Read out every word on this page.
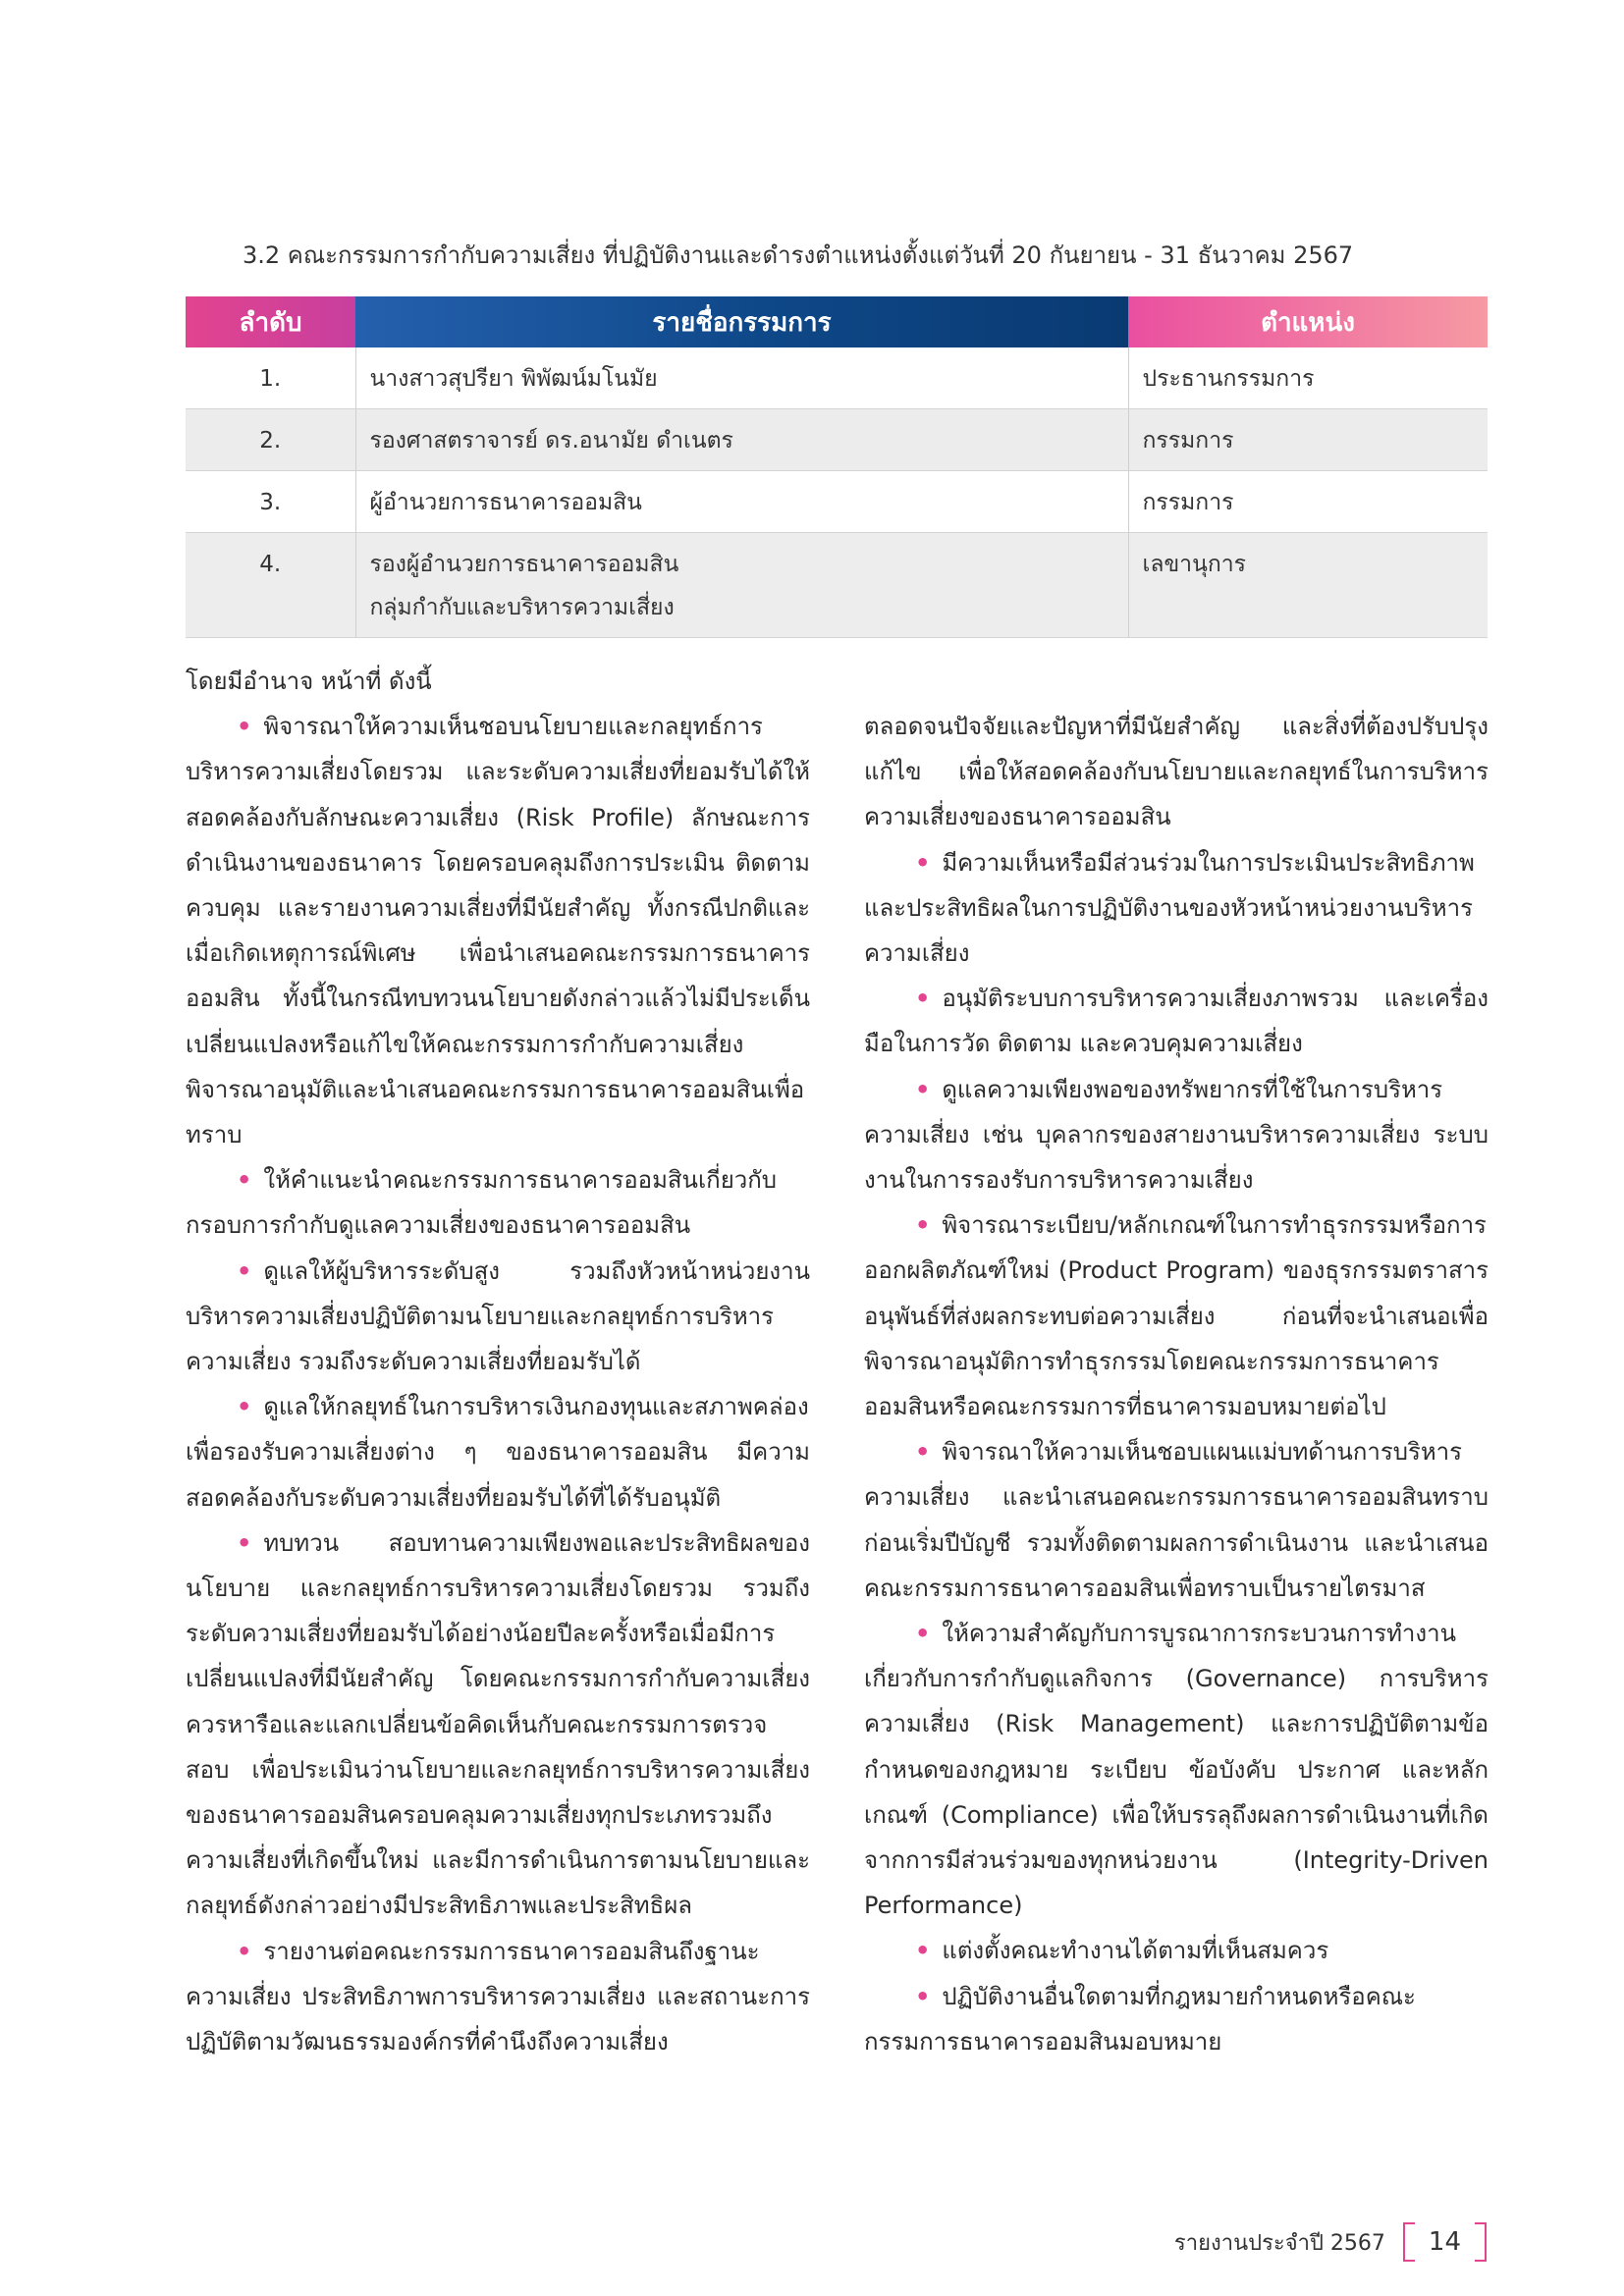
3.2 คณะกรรมการกำกับความเสี่ยง ที่ปฏิบัติงานและดำรงตำแหน่งตั้งแต่วันที่ 20 กันยายน - 31 ธันวาคม 2567
ลำดับ	รายชื่อกรรมการ	ตำแหน่ง
1.	นางสาวสุปรียา พิพัฒน์มโนมัย	ประธานกรรมการ
2.	รองศาสตราจารย์ ดร.อนามัย ดำเนตร	กรรมการ
3.	ผู้อำนวยการธนาคารออมสิน	กรรมการ
4.	รองผู้อำนวยการธนาคารออมสิน
กลุ่มกำกับและบริหารความเสี่ยง	เลขานุการ

โดยมีอำนาจ หน้าที่ ดังนี้

• พิจารณาให้ความเห็นชอบนโยบายและกลยุทธ์การบริหารความเสี่ยงโดยรวม และระดับความเสี่ยงที่ยอมรับได้ให้สอดคล้องกับลักษณะความเสี่ยง (Risk Profile) ลักษณะการดำเนินงานของธนาคาร โดยครอบคลุมถึงการประเมิน ติดตาม ควบคุม และรายงานความเสี่ยงที่มีนัยสำคัญ ทั้งกรณีปกติและเมื่อเกิดเหตุการณ์พิเศษ เพื่อนำเสนอคณะกรรมการธนาคารออมสิน ทั้งนี้ในกรณีทบทวนนโยบายดังกล่าวแล้วไม่มีประเด็นเปลี่ยนแปลงหรือแก้ไขให้คณะกรรมการกำกับความเสี่ยงพิจารณาอนุมัติและนำเสนอคณะกรรมการธนาคารออมสินเพื่อทราบ

• ให้คำแนะนำคณะกรรมการธนาคารออมสินเกี่ยวกับกรอบการกำกับดูแลความเสี่ยงของธนาคารออมสิน

• ดูแลให้ผู้บริหารระดับสูง รวมถึงหัวหน้าหน่วยงานบริหารความเสี่ยงปฏิบัติตามนโยบายและกลยุทธ์การบริหารความเสี่ยง รวมถึงระดับความเสี่ยงที่ยอมรับได้

• ดูแลให้กลยุทธ์ในการบริหารเงินกองทุนและสภาพคล่องเพื่อรองรับความเสี่ยงต่าง ๆ ของธนาคารออมสิน มีความสอดคล้องกับระดับความเสี่ยงที่ยอมรับได้ที่ได้รับอนุมัติ

• ทบทวน สอบทานความเพียงพอและประสิทธิผลของนโยบาย และกลยุทธ์การบริหารความเสี่ยงโดยรวม รวมถึงระดับความเสี่ยงที่ยอมรับได้อย่างน้อยปีละครั้งหรือเมื่อมีการเปลี่ยนแปลงที่มีนัยสำคัญ โดยคณะกรรมการกำกับความเสี่ยงควรหารือและแลกเปลี่ยนข้อคิดเห็นกับคณะกรรมการตรวจสอบ เพื่อประเมินว่านโยบายและกลยุทธ์การบริหารความเสี่ยงของธนาคารออมสินครอบคลุมความเสี่ยงทุกประเภทรวมถึงความเสี่ยงที่เกิดขึ้นใหม่ และมีการดำเนินการตามนโยบายและกลยุทธ์ดังกล่าวอย่างมีประสิทธิภาพและประสิทธิผล

• รายงานต่อคณะกรรมการธนาคารออมสินถึงฐานะความเสี่ยง ประสิทธิภาพการบริหารความเสี่ยง และสถานะการปฏิบัติตามวัฒนธรรมองค์กรที่คำนึงถึงความเสี่ยง

ตลอดจนปัจจัยและปัญหาที่มีนัยสำคัญ และสิ่งที่ต้องปรับปรุงแก้ไข เพื่อให้สอดคล้องกับนโยบายและกลยุทธ์ในการบริหารความเสี่ยงของธนาคารออมสิน

• มีความเห็นหรือมีส่วนร่วมในการประเมินประสิทธิภาพและประสิทธิผลในการปฏิบัติงานของหัวหน้าหน่วยงานบริหารความเสี่ยง

• อนุมัติระบบการบริหารความเสี่ยงภาพรวม และเครื่องมือในการวัด ติดตาม และควบคุมความเสี่ยง

• ดูแลความเพียงพอของทรัพยากรที่ใช้ในการบริหารความเสี่ยง เช่น บุคลากรของสายงานบริหารความเสี่ยง ระบบงานในการรองรับการบริหารความเสี่ยง

• พิจารณาระเบียบ/หลักเกณฑ์ในการทำธุรกรรมหรือการออกผลิตภัณฑ์ใหม่ (Product Program) ของธุรกรรมตราสารอนุพันธ์ที่ส่งผลกระทบต่อความเสี่ยง ก่อนที่จะนำเสนอเพื่อพิจารณาอนุมัติการทำธุรกรรมโดยคณะกรรมการธนาคารออมสินหรือคณะกรรมการที่ธนาคารมอบหมายต่อไป

• พิจารณาให้ความเห็นชอบแผนแม่บทด้านการบริหารความเสี่ยง และนำเสนอคณะกรรมการธนาคารออมสินทราบก่อนเริ่มปีบัญชี รวมทั้งติดตามผลการดำเนินงาน และนำเสนอคณะกรรมการธนาคารออมสินเพื่อทราบเป็นรายไตรมาส

• ให้ความสำคัญกับการบูรณาการกระบวนการทำงานเกี่ยวกับการกำกับดูแลกิจการ (Governance) การบริหารความเสี่ยง (Risk Management) และการปฏิบัติตามข้อกำหนดของกฎหมาย ระเบียบ ข้อบังคับ ประกาศ และหลักเกณฑ์ (Compliance) เพื่อให้บรรลุถึงผลการดำเนินงานที่เกิดจากการมีส่วนร่วมของทุกหน่วยงาน (Integrity-Driven Performance)

• แต่งตั้งคณะทำงานได้ตามที่เห็นสมควร

• ปฏิบัติงานอื่นใดตามที่กฎหมายกำหนดหรือคณะกรรมการธนาคารออมสินมอบหมาย

รายงานประจำปี 2567	14
